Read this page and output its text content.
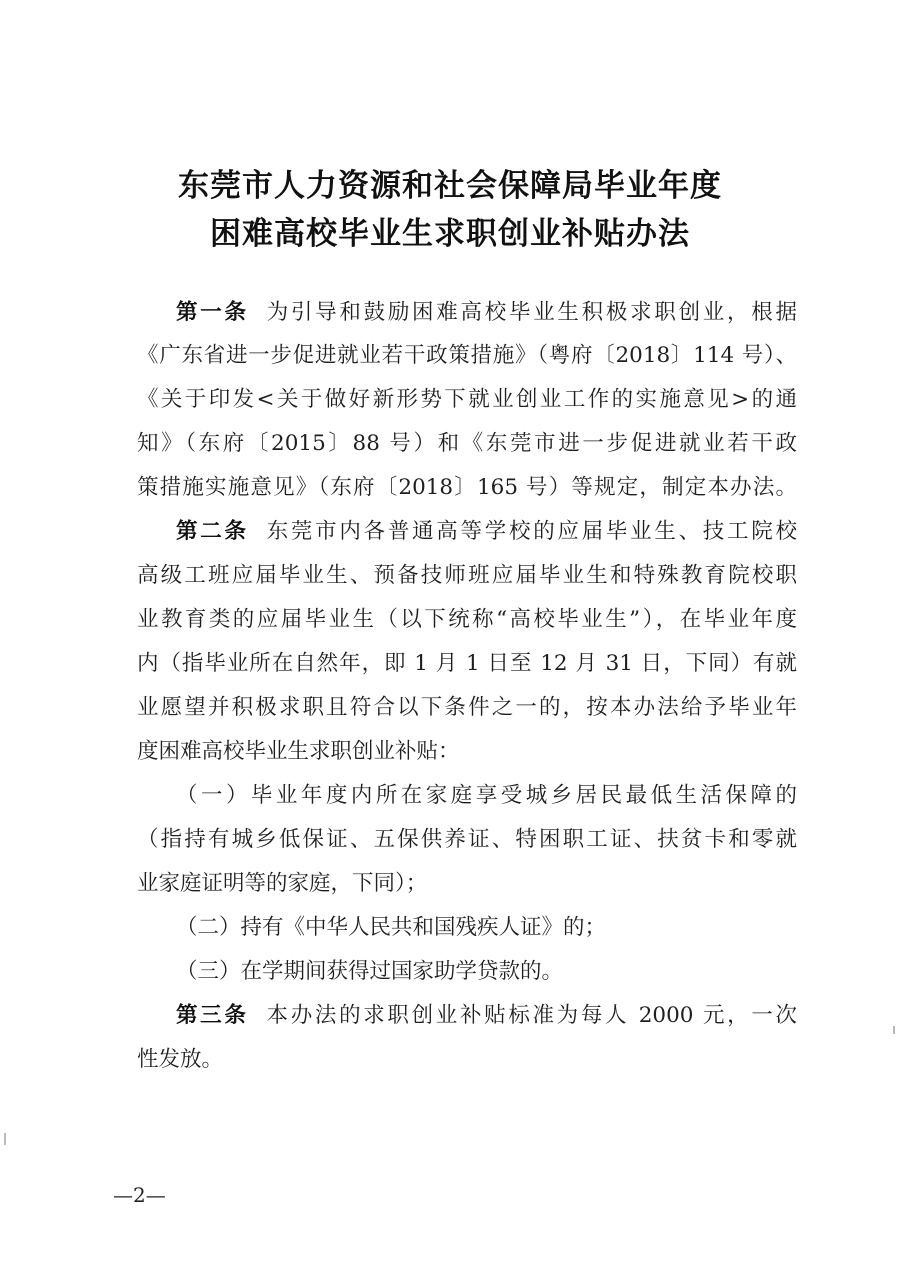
东莞市人力资源和社会保障局毕业年度
困难高校毕业生求职创业补贴办法
第一条 为引导和鼓励困难高校毕业生积极求职创业，根据
《广东省进一步促进就业若干政策措施》（粤府〔2018〕114 号）、
《关于印发<关于做好新形势下就业创业工作的实施意见>的通
知》（东府〔2015〕88 号）和《东莞市进一步促进就业若干政
策措施实施意见》（东府〔2018〕165 号）等规定，制定本办法。
第二条 东莞市内各普通高等学校的应届毕业生、技工院校
高级工班应届毕业生、预备技师班应届毕业生和特殊教育院校职
业教育类的应届毕业生（以下统称“高校毕业生”），在毕业年度
内（指毕业所在自然年，即 1 月 1 日至 12 月 31 日，下同）有就
业愿望并积极求职且符合以下条件之一的，按本办法给予毕业年
度困难高校毕业生求职创业补贴：
（一）毕业年度内所在家庭享受城乡居民最低生活保障的
（指持有城乡低保证、五保供养证、特困职工证、扶贫卡和零就
业家庭证明等的家庭，下同）；
（二）持有《中华人民共和国残疾人证》的；
（三）在学期间获得过国家助学贷款的。
第三条 本办法的求职创业补贴标准为每人 2000 元，一次
性发放。
—2—
